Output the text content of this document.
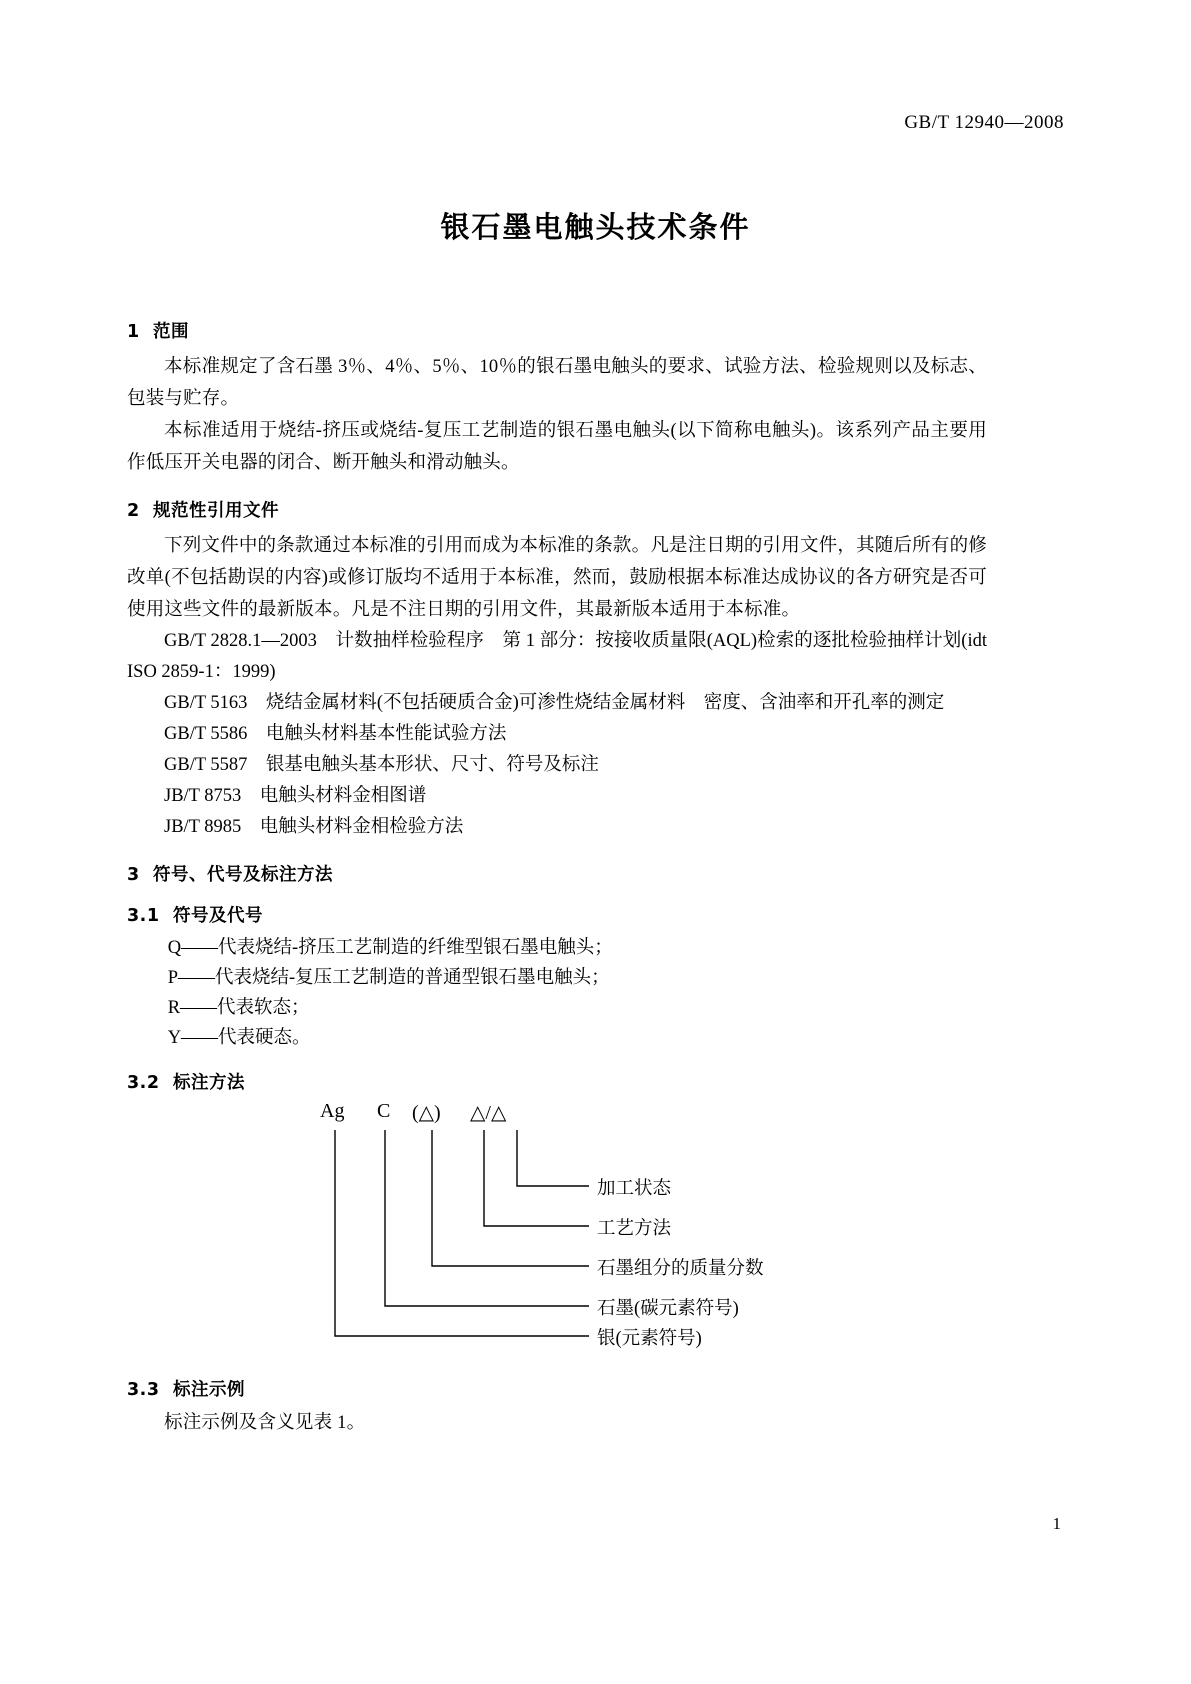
GB/T 12940—2008
银石墨电触头技术条件
1 范围

本标准规定了含石墨 3％、4％、5％、10％的银石墨电触头的要求、试验方法、检验规则以及标志、包装与贮存。

本标准适用于烧结-挤压或烧结-复压工艺制造的银石墨电触头(以下简称电触头)。该系列产品主要用作低压开关电器的闭合、断开触头和滑动触头。

2 规范性引用文件

下列文件中的条款通过本标准的引用而成为本标准的条款。凡是注日期的引用文件，其随后所有的修改单(不包括勘误的内容)或修订版均不适用于本标准，然而，鼓励根据本标准达成协议的各方研究是否可使用这些文件的最新版本。凡是不注日期的引用文件，其最新版本适用于本标准。

GB/T 2828.1—2003　计数抽样检验程序　第 1 部分：按接收质量限(AQL)检索的逐批检验抽样计划(idt ISO 2859-1：1999)

GB/T 5163　烧结金属材料(不包括硬质合金)可渗性烧结金属材料　密度、含油率和开孔率的测定

GB/T 5586　电触头材料基本性能试验方法

GB/T 5587　银基电触头基本形状、尺寸、符号及标注

JB/T 8753　电触头材料金相图谱

JB/T 8985　电触头材料金相检验方法

3 符号、代号及标注方法
3.1 符号及代号

Q——代表烧结-挤压工艺制造的纤维型银石墨电触头；

P——代表烧结-复压工艺制造的普通型银石墨电触头；

R——代表软态；

Y——代表硬态。

3.2 标注方法
Ag C (△) △/△
加工状态
工艺方法
石墨组分的质量分数
石墨(碳元素符号)
银(元素符号)
3.3 标注示例

标注示例及含义见表 1。

1
